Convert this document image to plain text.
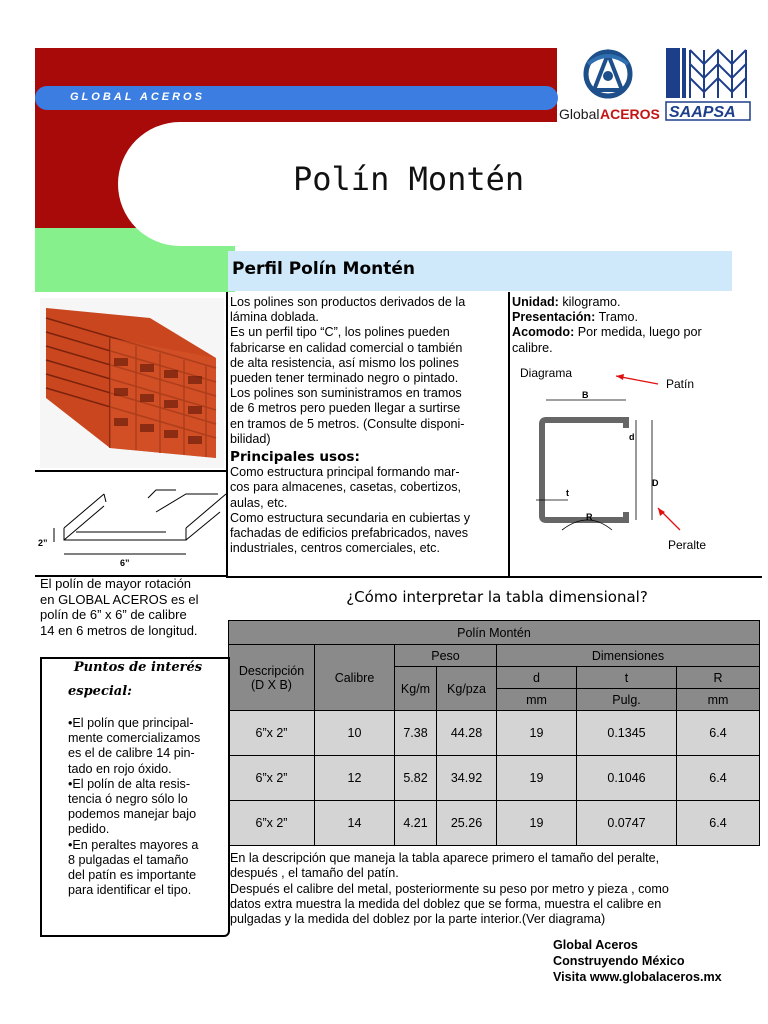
GLOBAL ACEROS
Global ACEROS SAAPSA
Polín Montén
Perfil Polín Montén
2”
6”
El polín de mayor rotación
en GLOBAL ACEROS es el
polín de 6” x 6” de calibre
14 en 6 metros de longitud.
Los polines son productos derivados de la
lámina doblada.
Es un perfil tipo “C”, los polines pueden
fabricarse en calidad comercial o también
de alta resistencia, así mismo los polines
pueden tener terminado negro o pintado.
Los polines son suministramos en tramos
de 6 metros pero pueden llegar a surtirse
en tramos de 5 metros. (Consulte disponi-
bilidad)
Principales usos:
Como estructura principal formando mar-
cos para almacenes, casetas, cobertizos,
aulas, etc.
Como estructura secundaria en cubiertas y
fachadas de edificios prefabricados, naves
industriales, centros comerciales, etc.
Unidad: kilogramo.
Presentación: Tramo.
Acomodo: Por medida, luego por
calibre.
Diagrama
Patín
Peralte
B
d
D
t
R
¿Cómo interpretar la tabla dimensional?
Polín Montén						

Descripción
(D X B)	Calibre	Peso		Dimensiones		
		Kg/m	Kg/pza	d	t	R
				mm	Pulg.	mm
6”x 2”	10	7.38	44.28	19	0.1345	6.4
6”x 2”	12	5.82	34.92	19	0.1046	6.4
6”x 2”	14	4.21	25.26	19	0.0747	6.4
En la descripción que maneja la tabla aparece primero el tamaño del peralte,
después , el tamaño del patín.
Después el calibre del metal, posteriormente su peso por metro y pieza , como
datos extra muestra la medida del doblez que se forma, muestra el calibre en
pulgadas y la medida del doblez por la parte interior.(Ver diagrama)
Puntos de interés
especial:
•El polín que principal-
mente comercializamos
es el de calibre 14 pin-
tado en rojo óxido.
•El polín de alta resis-
tencia ó negro sólo lo
podemos manejar bajo
pedido.
•En peraltes mayores a
8 pulgadas el tamaño
del patín es importante
para identificar el tipo.
Global Aceros
Construyendo México
Visita www.globalaceros.mx
